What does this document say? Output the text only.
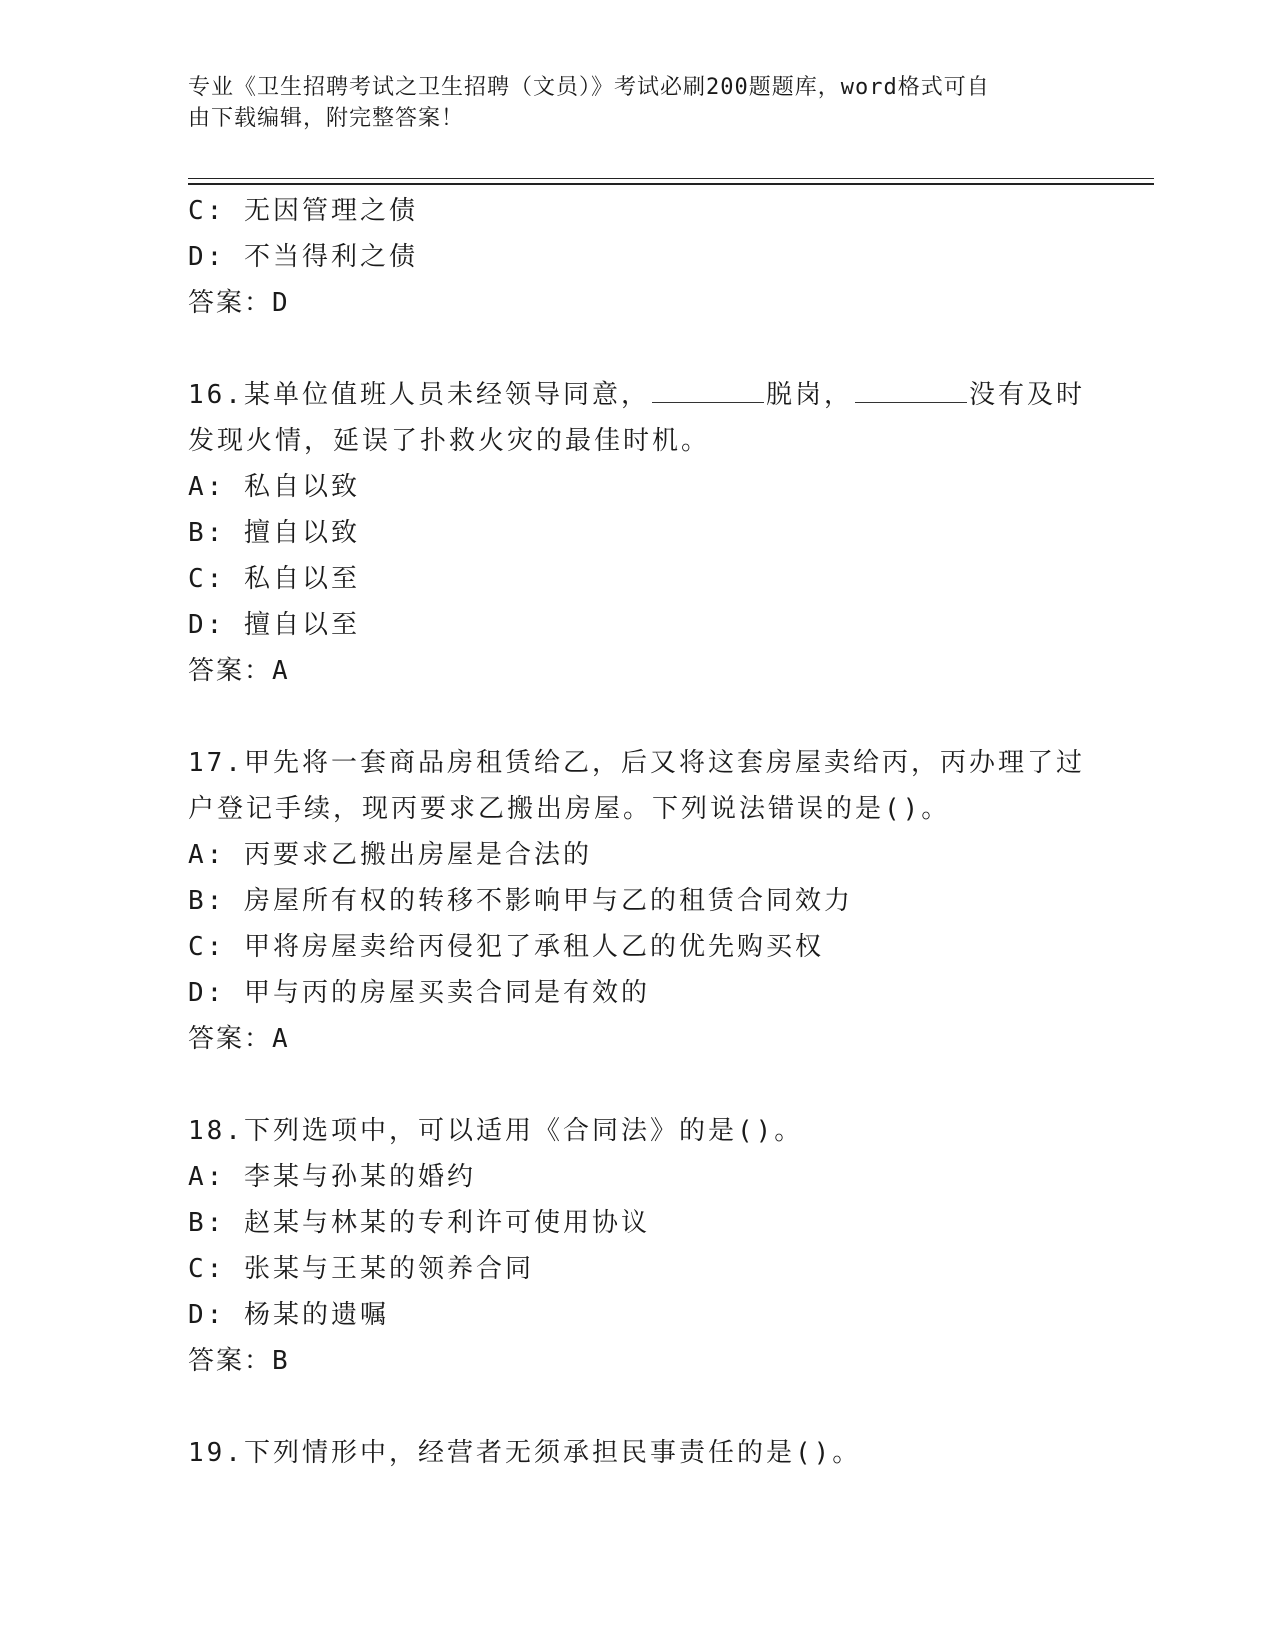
专业《卫生招聘考试之卫生招聘（文员）》考试必刷200题题库，word格式可自
由下载编辑，附完整答案！
C: 无因管理之债
D: 不当得利之债
答案：D
16.某单位值班人员未经领导同意，	脱岗，	没有及时
发现火情，延误了扑救火灾的最佳时机。
A: 私自以致
B: 擅自以致
C: 私自以至
D: 擅自以至
答案：A
17.甲先将一套商品房租赁给乙，后又将这套房屋卖给丙，丙办理了过
户登记手续，现丙要求乙搬出房屋。下列说法错误的是()。
A: 丙要求乙搬出房屋是合法的
B: 房屋所有权的转移不影响甲与乙的租赁合同效力
C: 甲将房屋卖给丙侵犯了承租人乙的优先购买权
D: 甲与丙的房屋买卖合同是有效的
答案：A
18.下列选项中，可以适用《合同法》的是()。
A: 李某与孙某的婚约
B: 赵某与林某的专利许可使用协议
C: 张某与王某的领养合同
D: 杨某的遗嘱
答案：B
19.下列情形中，经营者无须承担民事责任的是()。
